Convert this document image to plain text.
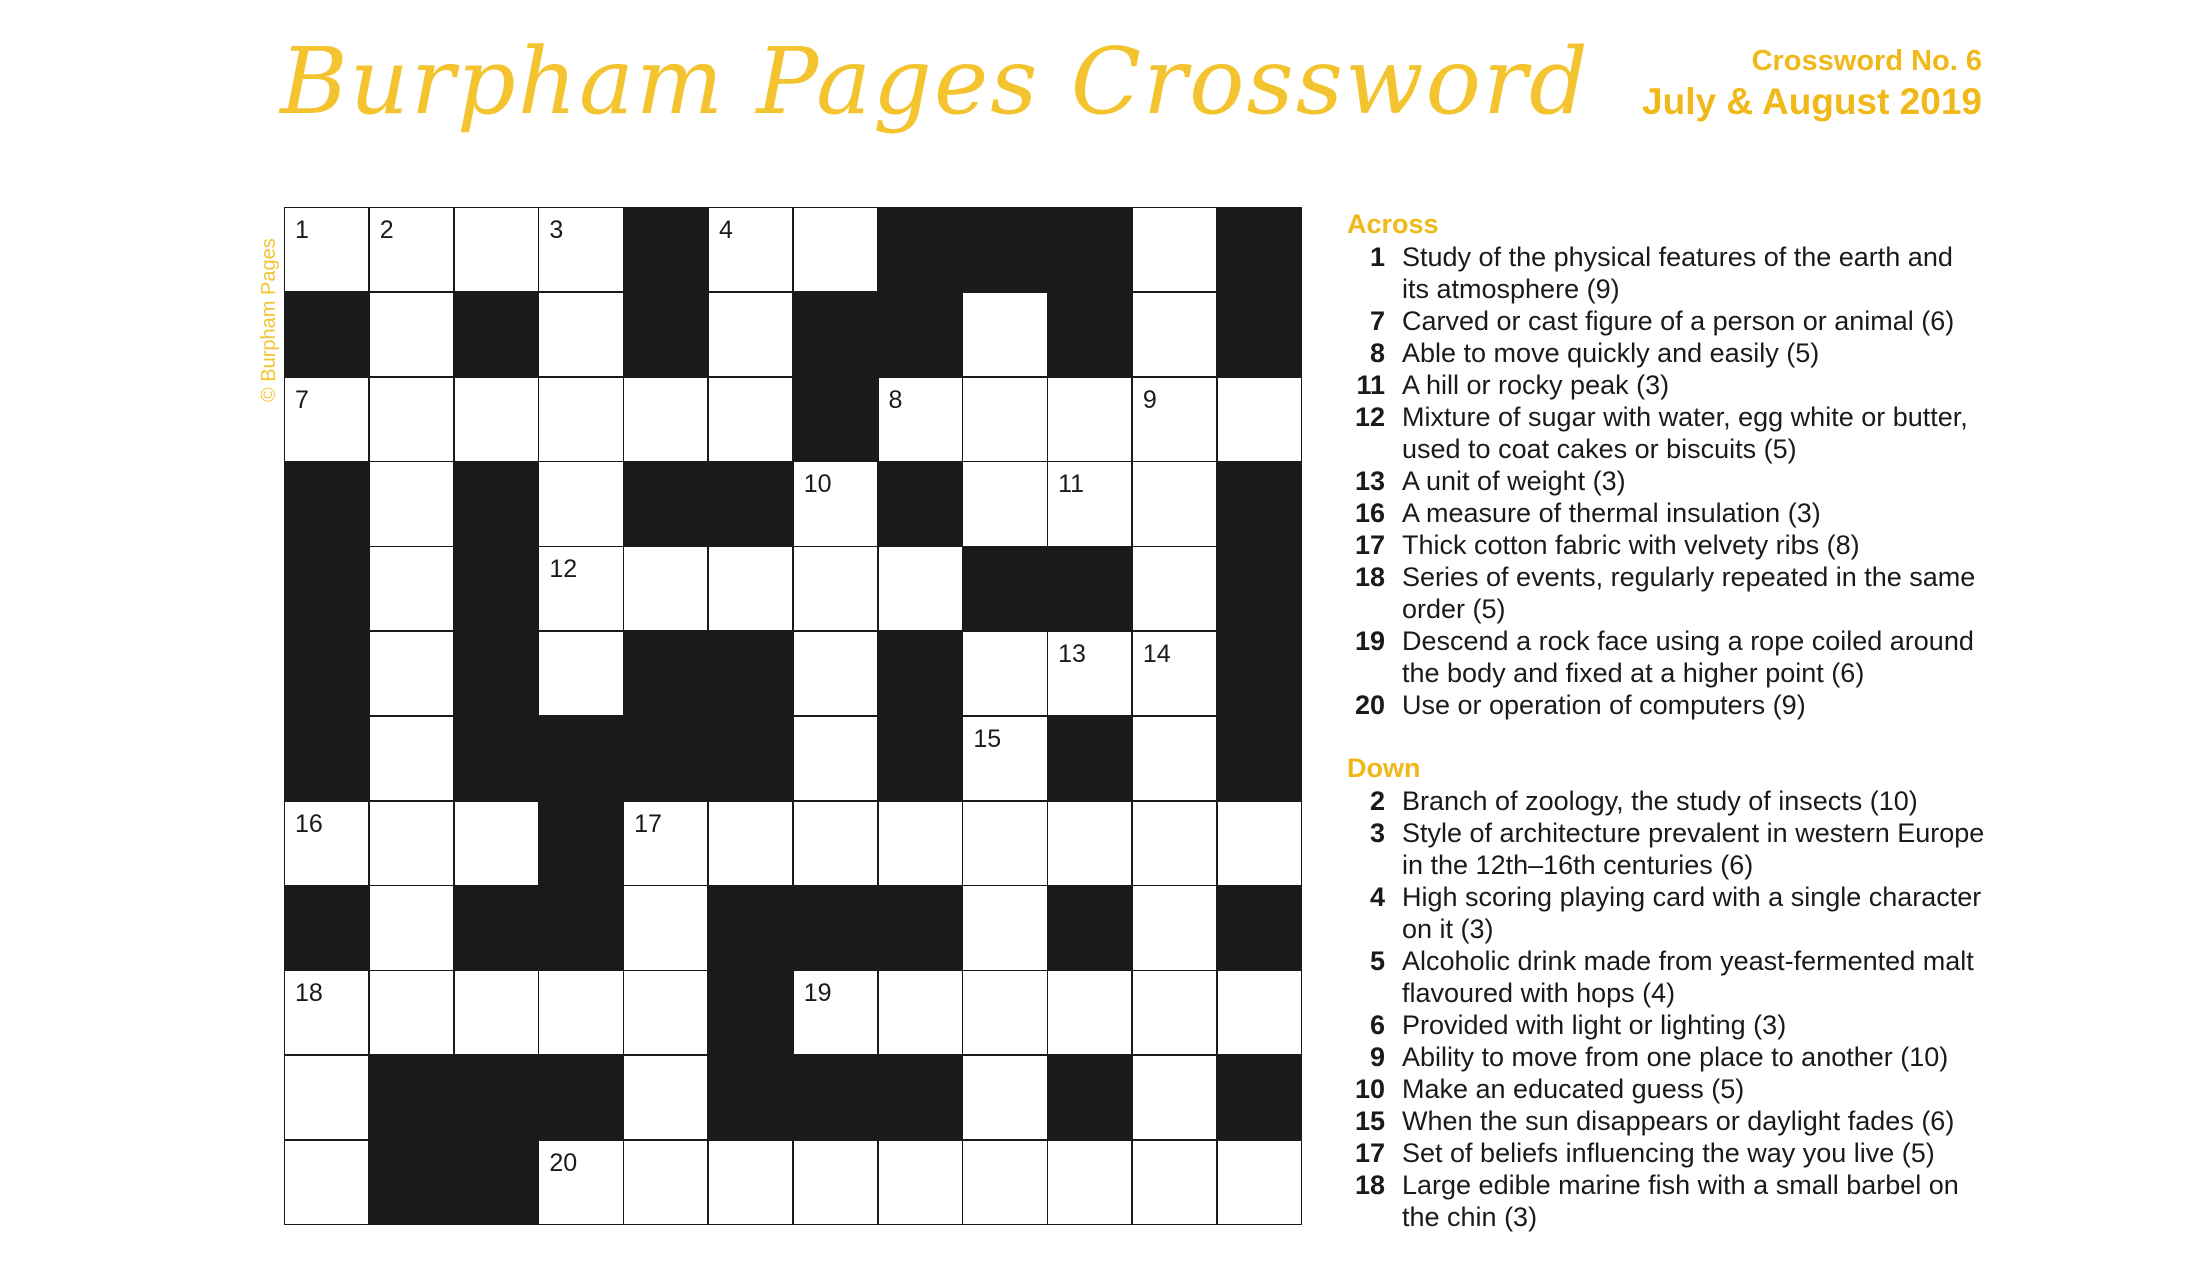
Burpham Pages Crossword	Crossword No. 6
July & August 2019
© Burpham Pages
1	2	3	4	5
6
7	8	9
10	11
12
13 14
15
16	17
18	19
20
Across
1 Study of the physical features of the earth and its atmosphere (9)
7 Carved or cast figure of a person or animal (6)
8 Able to move quickly and easily (5)
11 A hill or rocky peak (3)
12 Mixture of sugar with water, egg white or butter, used to coat cakes or biscuits (5)
13 A unit of weight (3)
16 A measure of thermal insulation (3)
17 Thick cotton fabric with velvety ribs (8)
18 Series of events, regularly repeated in the same order (5)
19 Descend a rock face using a rope coiled around the body and fixed at a higher point (6)
20 Use or operation of computers (9)
Down
2 Branch of zoology, the study of insects (10)
3 Style of architecture prevalent in western Europe in the 12th–16th centuries (6)
4 High scoring playing card with a single character on it (3)
5 Alcoholic drink made from yeast-fermented malt flavoured with hops (4)
6 Provided with light or lighting (3)
9 Ability to move from one place to another (10)
10 Make an educated guess (5)
15 When the sun disappears or daylight fades (6)
17 Set of beliefs influencing the way you live (5)
18 Large edible marine fish with a small barbel on the chin (3)
